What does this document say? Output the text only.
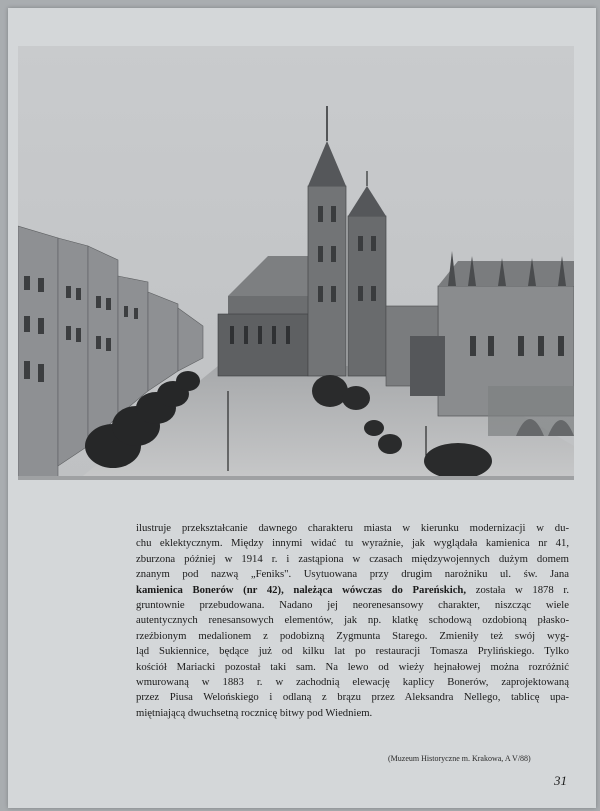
ilustruje przekształcanie dawnego charakteru miasta w kierunku modernizacji w du-
chu eklektycznym. Między innymi widać tu wyraźnie, jak wyglądała kamienica nr 41,
zburzona później w 1914 r. i zastąpiona w czasach międzywojennych dużym domem
znanym pod nazwą „Feniks". Usytuowana przy drugim narożniku ul. św. Jana
kamienica Bonerów (nr 42), należąca wówczas do Pareńskich, została w 1878 r.
gruntownie przebudowana. Nadano jej neorenesansowy charakter, niszcząc wiele
autentycznych renesansowych elementów, jak np. klatkę schodową ozdobioną płasko-
rzeźbionym medalionem z podobizną Zygmunta Starego. Zmieniły też swój wyg-
ląd Sukiennice, będące już od kilku lat po restauracji Tomasza Prylińskiego. Tylko
kościół Mariacki pozostał taki sam. Na lewo od wieży hejnałowej można rozróżnić
wmurowaną w 1883 r. w zachodnią elewację kaplicy Bonerów, zaprojektowaną
przez Piusa Welońskiego i odlaną z brązu przez Aleksandra Nellego, tablicę upa-
miętniającą dwuchsetną rocznicę bitwy pod Wiedniem.

(Muzeum Historyczne m. Krakowa, A V/88)
31
